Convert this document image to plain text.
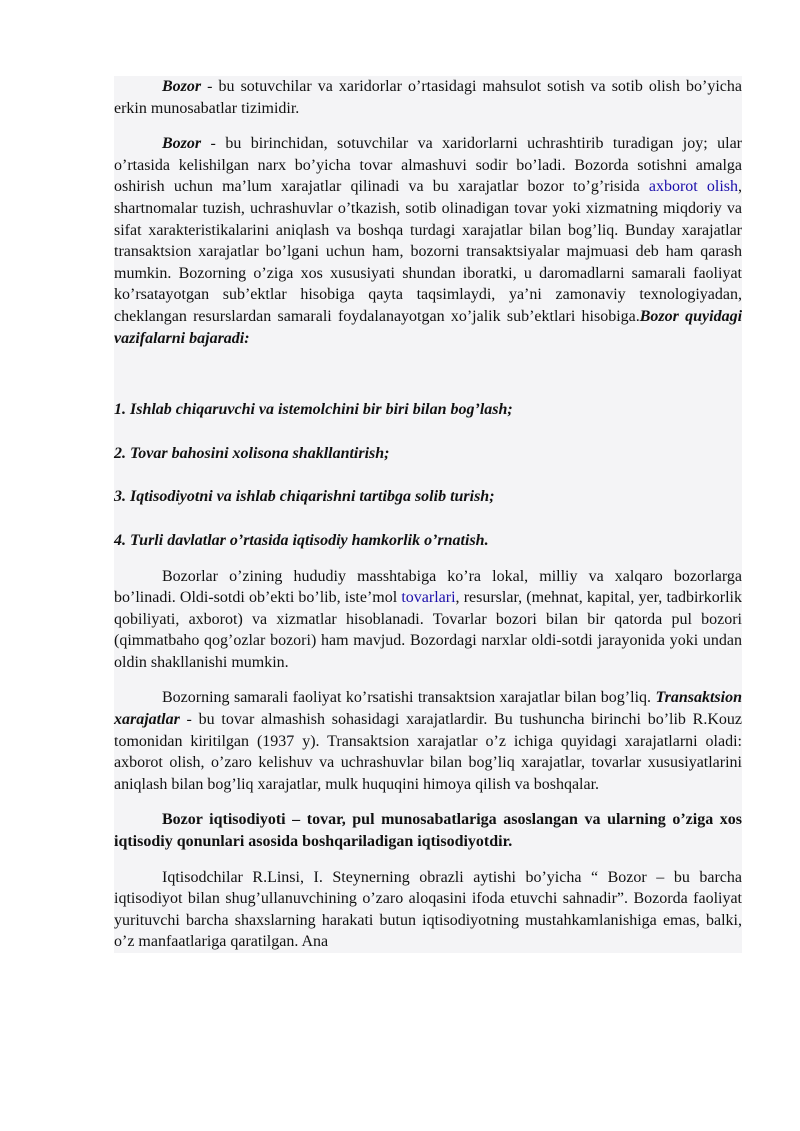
Bozor - bu sotuvchilar va xaridorlar o’rtasidagi mahsulot sotish va sotib olish bo’yicha erkin munosabatlar tizimidir.

Bozor - bu birinchidan, sotuvchilar va xaridorlarni uchrashtirib turadigan joy; ular o’rtasida kelishilgan narx bo’yicha tovar almashuvi sodir bo’ladi. Bozorda sotishni amalga oshirish uchun ma’lum xarajatlar qilinadi va bu xarajatlar bozor to’g’risida axborot olish, shartnomalar tuzish, uchrashuvlar o’tkazish, sotib olinadigan tovar yoki xizmatning miqdoriy va sifat xarakteristikalarini aniqlash va boshqa turdagi xarajatlar bilan bog’liq. Bunday xarajatlar transaktsion xarajatlar bo’lgani uchun ham, bozorni transaktsiyalar majmuasi deb ham qarash mumkin. Bozorning o’ziga xos xususiyati shundan iboratki, u daromadlarni samarali faoliyat ko’rsatayotgan sub’ektlar hisobiga qayta taqsimlaydi, ya’ni zamonaviy texnologiyadan, cheklangan resurslardan samarali foydalanayotgan xo’jalik sub’ektlari hisobiga.Bozor quyidagi vazifalarni bajaradi:

1. Ishlab chiqaruvchi va istemolchini bir biri bilan bog’lash;

2. Tovar bahosini xolisona shakllantirish;

3. Iqtisodiyotni va ishlab chiqarishni tartibga solib turish;

4. Turli davlatlar o’rtasida iqtisodiy hamkorlik o’rnatish.

Bozorlar o’zining hududiy masshtabiga ko’ra lokal, milliy va xalqaro bozorlarga bo’linadi. Oldi-sotdi ob’ekti bo’lib, iste’mol tovarlari, resurslar, (mehnat, kapital, yer, tadbirkorlik qobiliyati, axborot) va xizmatlar hisoblanadi. Tovarlar bozori bilan bir qatorda pul bozori (qimmatbaho qog’ozlar bozori) ham mavjud. Bozordagi narxlar oldi-sotdi jarayonida yoki undan oldin shakllanishi mumkin.

Bozorning samarali faoliyat ko’rsatishi transaktsion xarajatlar bilan bog’liq. Transaktsion xarajatlar - bu tovar almashish sohasidagi xarajatlardir. Bu tushuncha birinchi bo’lib R.Kouz tomonidan kiritilgan (1937 y). Transaktsion xarajatlar o’z ichiga quyidagi xarajatlarni oladi: axborot olish, o’zaro kelishuv va uchrashuvlar bilan bog’liq xarajatlar, tovarlar xususiyatlarini aniqlash bilan bog’liq xarajatlar, mulk huquqini himoya qilish va boshqalar.

Bozor iqtisodiyoti – tovar, pul munosabatlariga asoslangan va ularning o’ziga xos iqtisodiy qonunlari asosida boshqariladigan iqtisodiyotdir.

Iqtisodchilar R.Linsi, I. Steynerning obrazli aytishi bo’yicha “ Bozor – bu barcha iqtisodiyot bilan shug’ullanuvchining o’zaro aloqasini ifoda etuvchi sahnadir”. Bozorda faoliyat yurituvchi barcha shaxslarning harakati butun iqtisodiyotning mustahkamlanishiga emas, balki, o’z manfaatlariga qaratilgan. Ana
